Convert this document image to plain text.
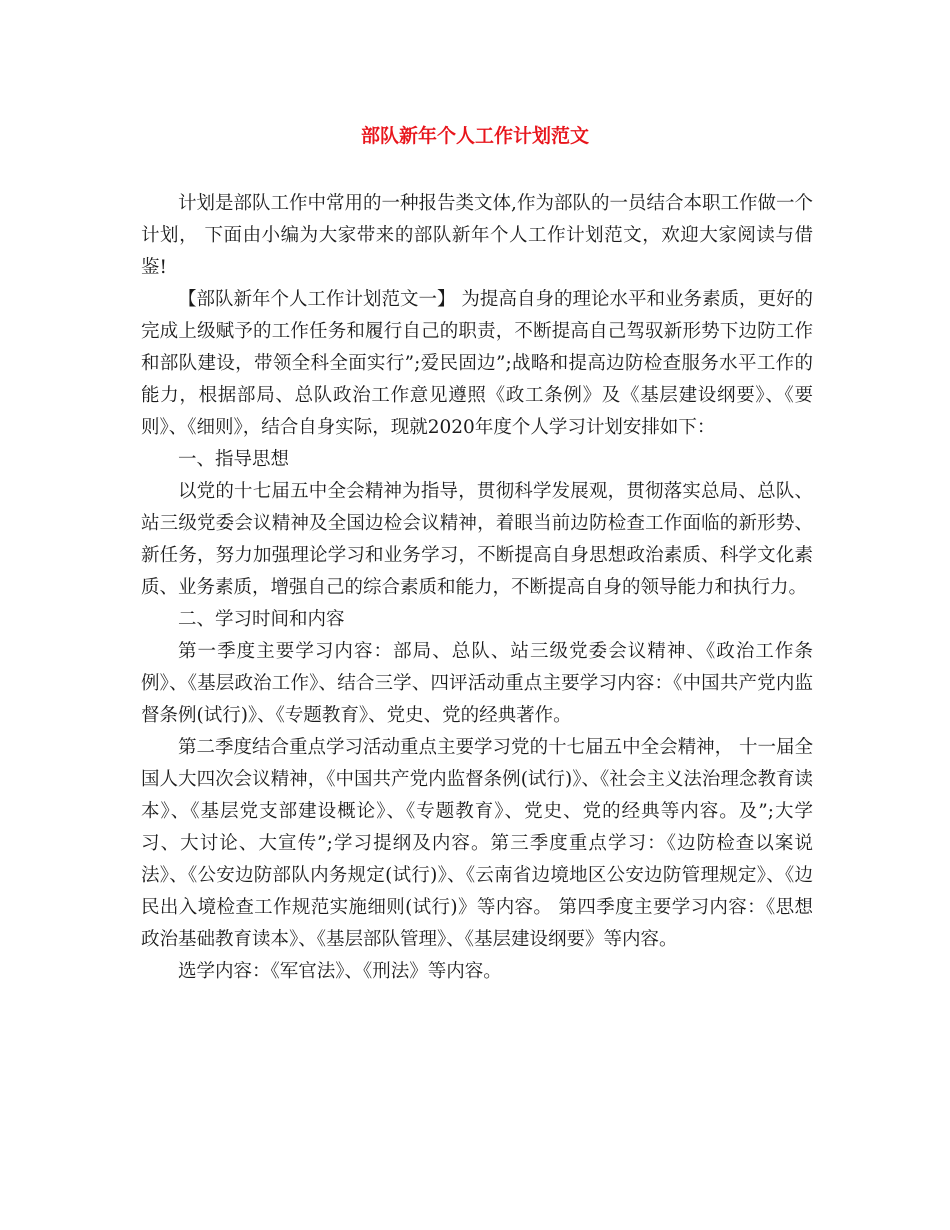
部队新年个人工作计划范文

计划是部队工作中常用的一种报告类文体,作为部队的一员结合本职工作做一个计划， 下面由小编为大家带来的部队新年个人工作计划范文，欢迎大家阅读与借鉴!

【部队新年个人工作计划范文一】 为提高自身的理论水平和业务素质，更好的完成上级赋予的工作任务和履行自己的职责，不断提高自己驾驭新形势下边防工作和部队建设，带领全科全面实行”;爱民固边”;战略和提高边防检查服务水平工作的能力，根据部局、总队政治工作意见遵照《政工条例》及《基层建设纲要》、《要则》、《细则》，结合自身实际，现就2020年度个人学习计划安排如下：

一、指导思想

以党的十七届五中全会精神为指导，贯彻科学发展观，贯彻落实总局、总队、站三级党委会议精神及全国边检会议精神，着眼当前边防检查工作面临的新形势、新任务，努力加强理论学习和业务学习，不断提高自身思想政治素质、科学文化素质、业务素质，增强自己的综合素质和能力，不断提高自身的领导能力和执行力。

二、学习时间和内容

第一季度主要学习内容：部局、总队、站三级党委会议精神、《政治工作条例》、《基层政治工作》、结合三学、四评活动重点主要学习内容：《中国共产党内监督条例(试行)》、《专题教育》、党史、党的经典著作。

第二季度结合重点学习活动重点主要学习党的十七届五中全会精神， 十一届全国人大四次会议精神，《中国共产党内监督条例(试行)》、《社会主义法治理念教育读本》、《基层党支部建设概论》、《专题教育》、党史、党的经典等内容。及”;大学习、大讨论、大宣传”;学习提纲及内容。第三季度重点学习：《边防检查以案说法》、《公安边防部队内务规定(试行)》、《云南省边境地区公安边防管理规定》、《边民出入境检查工作规范实施细则(试行)》等内容。 第四季度主要学习内容：《思想政治基础教育读本》、《基层部队管理》、《基层建设纲要》等内容。

选学内容：《军官法》、《刑法》等内容。
